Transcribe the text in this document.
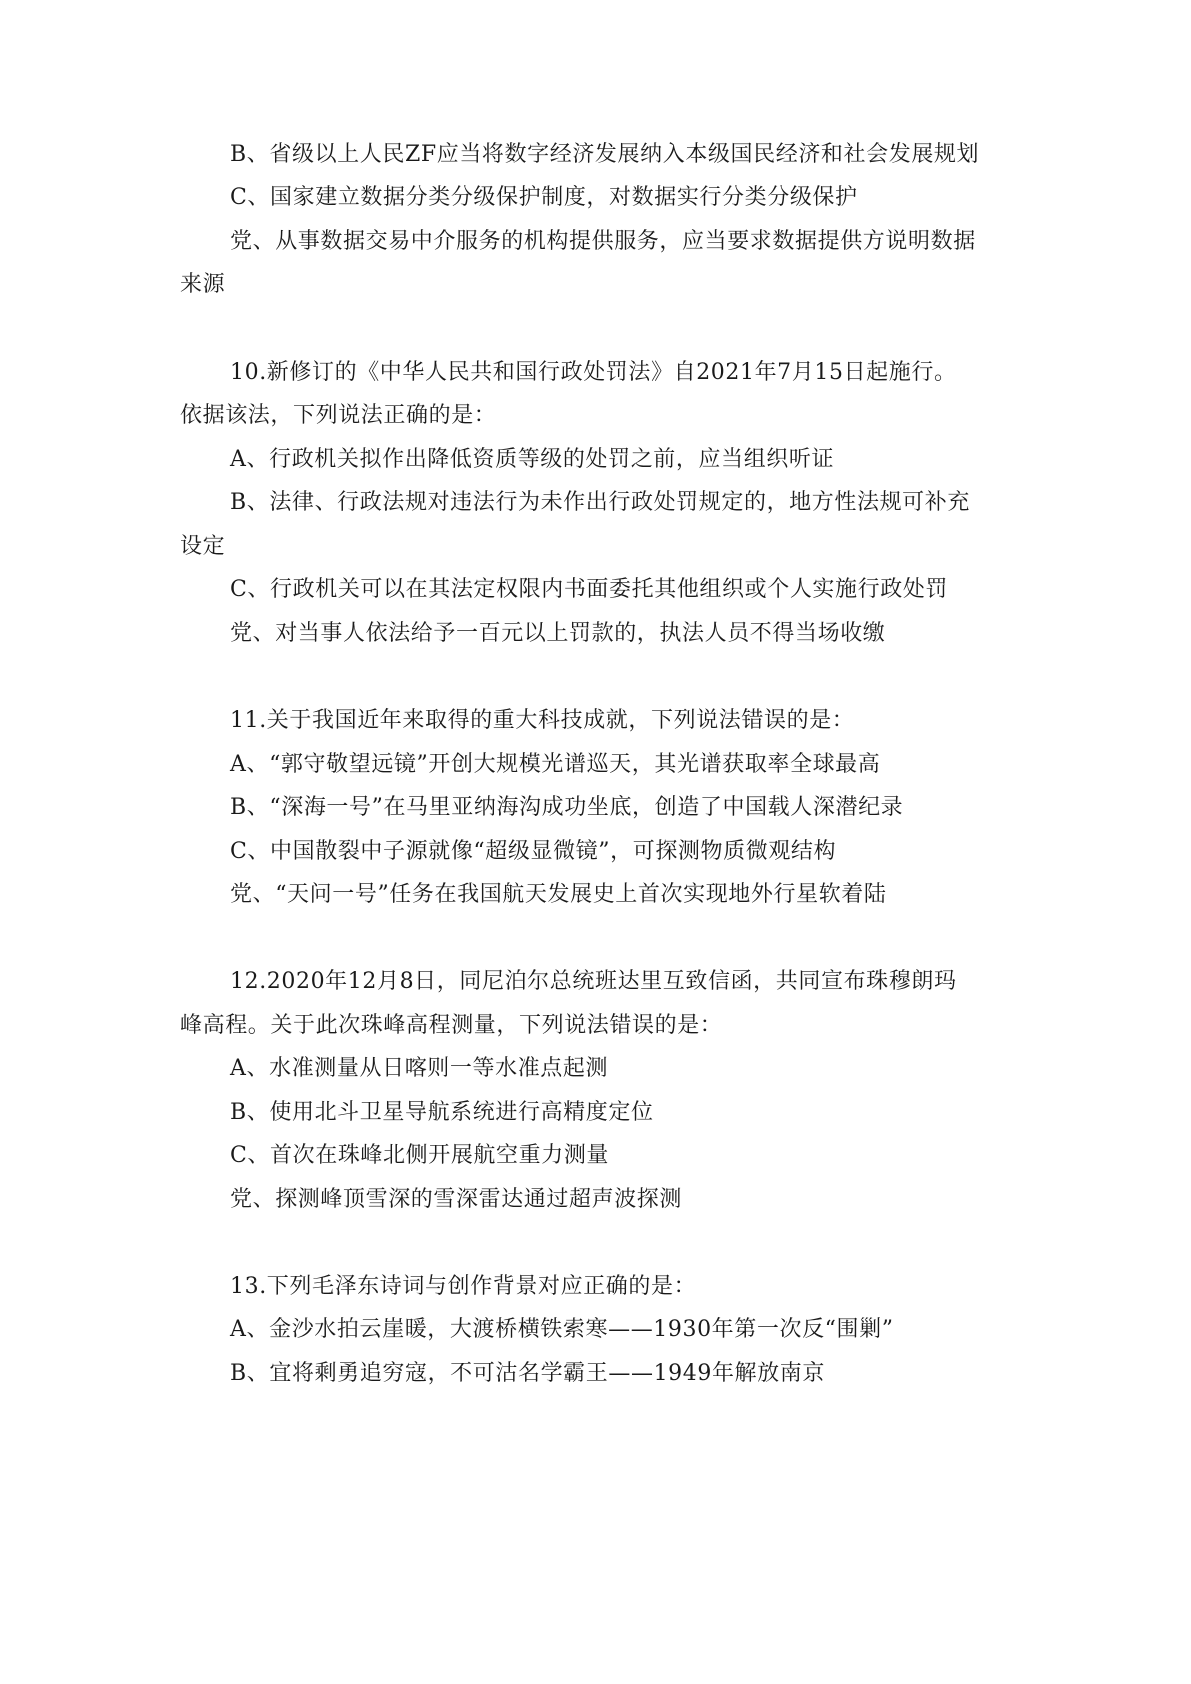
B、省级以上人民ZF应当将数字经济发展纳入本级国民经济和社会发展规划
C、国家建立数据分类分级保护制度，对数据实行分类分级保护
党、从事数据交易中介服务的机构提供服务，应当要求数据提供方说明数据
来源
10.新修订的《中华人民共和国行政处罚法》自2021年7月15日起施行。
依据该法，下列说法正确的是：
A、行政机关拟作出降低资质等级的处罚之前，应当组织听证
B、法律、行政法规对违法行为未作出行政处罚规定的，地方性法规可补充
设定
C、行政机关可以在其法定权限内书面委托其他组织或个人实施行政处罚
党、对当事人依法给予一百元以上罚款的，执法人员不得当场收缴
11.关于我国近年来取得的重大科技成就，下列说法错误的是：
A、“郭守敬望远镜”开创大规模光谱巡天，其光谱获取率全球最高
B、“深海一号”在马里亚纳海沟成功坐底，创造了中国载人深潜纪录
C、中国散裂中子源就像“超级显微镜”，可探测物质微观结构
党、“天问一号”任务在我国航天发展史上首次实现地外行星软着陆
12.2020年12月8日，同尼泊尔总统班达里互致信函，共同宣布珠穆朗玛
峰高程。关于此次珠峰高程测量，下列说法错误的是：
A、水准测量从日喀则一等水准点起测
B、使用北斗卫星导航系统进行高精度定位
C、首次在珠峰北侧开展航空重力测量
党、探测峰顶雪深的雪深雷达通过超声波探测
13.下列毛泽东诗词与创作背景对应正确的是：
A、金沙水拍云崖暖，大渡桥横铁索寒——1930年第一次反“围剿”
B、宜将剩勇追穷寇，不可沽名学霸王——1949年解放南京
